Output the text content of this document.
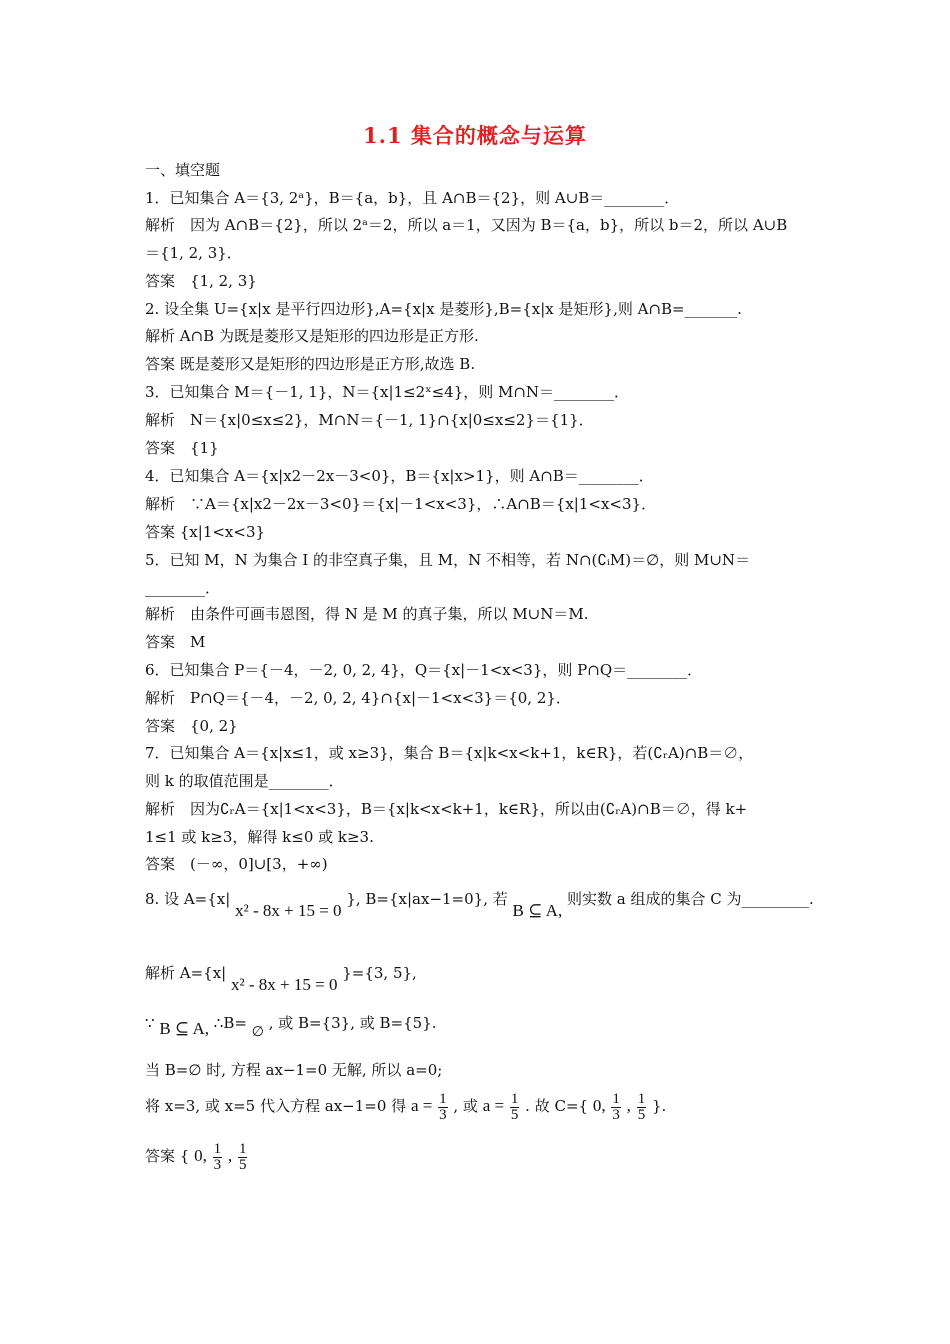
1.1 集合的概念与运算
一、填空题
1．已知集合 A＝{3, 2ᵃ}，B＝{a，b}，且 A∩B＝{2}，则 A∪B＝________．
解析　因为 A∩B＝{2}，所以 2ᵃ＝2，所以 a＝1，又因为 B＝{a，b}，所以 b＝2，所以 A∪B
＝{1, 2, 3}．
答案　{1, 2, 3}
2. 设全集 U={x|x 是平行四边形},A={x|x 是菱形},B={x|x 是矩形},则 A∩B=_______.
解析 A∩B 为既是菱形又是矩形的四边形是正方形.
答案 既是菱形又是矩形的四边形是正方形,故选 B.
3．已知集合 M＝{－1, 1}，N＝{x|1≤2ˣ≤4}，则 M∩N＝________．
解析　N＝{x|0≤x≤2}，M∩N＝{－1, 1}∩{x|0≤x≤2}＝{1}．
答案　{1}
4．已知集合 A＝{x|x2－2x－3<0}，B＝{x|x>1}，则 A∩B＝________．
解析　∵A＝{x|x2－2x－3<0}＝{x|－1<x<3}，∴A∩B＝{x|1<x<3}．
答案 {x|1<x<3}
5．已知 M，N 为集合 I 的非空真子集，且 M，N 不相等，若 N∩(∁ᵢM)＝∅，则 M∪N＝
________．
解析　由条件可画韦恩图，得 N 是 M 的真子集，所以 M∪N＝M.
答案　M
6．已知集合 P＝{－4，－2, 0, 2, 4}，Q＝{x|－1<x<3}，则 P∩Q＝________．
解析　P∩Q＝{－4，－2, 0, 2, 4}∩{x|－1<x<3}＝{0, 2}．
答案　{0, 2}
7．已知集合 A＝{x|x≤1，或 x≥3}，集合 B＝{x|k<x<k+1，k∈R}，若(∁ᵣA)∩B＝∅，
则 k 的取值范围是________．
解析　因为∁ᵣA＝{x|1<x<3}，B＝{x|k<x<k+1，k∈R}，所以由(∁ᵣA)∩B＝∅，得 k+
1≤1 或 k≥3，解得 k≤0 或 k≥3.
答案　(－∞，0]∪[3，+∞)
8. 设 A={x| x² - 8x + 15 = 0 }, B={x|ax−1=0}, 若 B ⊆ A, 则实数 a 组成的集合 C 为_________.
解析 A={x| x² - 8x + 15 = 0 }={3, 5},
∵ B ⊆ A, ∴B= ∅ , 或 B={3}, 或 B={5}.
当 B=∅ 时, 方程 ax−1=0 无解, 所以 a=0;
将 x=3, 或 x=5 代入方程 ax−1=0 得 $a = \frac{1}{3}$ , 或 $a = \frac{1}{5}$ . 故 C={ 0, $\frac{1}{3}$ , $\frac{1}{5}$ }.
答案 { 0, $\frac{1}{3}$ , $\frac{1}{5}$
